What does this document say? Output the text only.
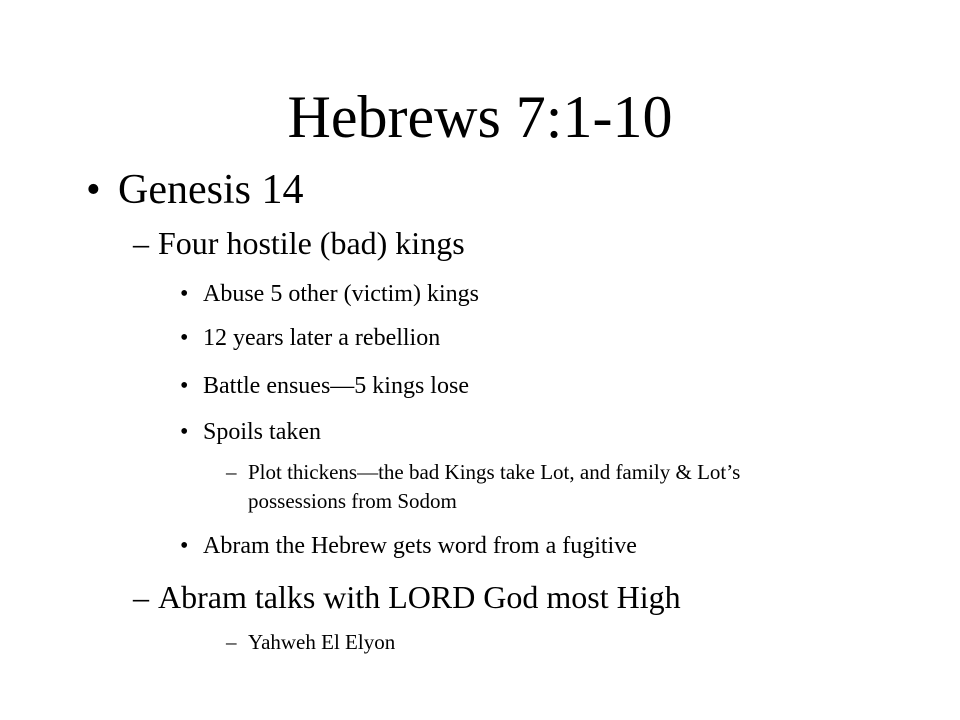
Hebrews 7:1-10
• Genesis 14
– Four hostile (bad) kings
• Abuse 5 other (victim) kings
• 12 years later a rebellion
• Battle ensues—5 kings lose
• Spoils taken
– Plot thickens—the bad Kings take Lot, and family & Lot’s
possessions from Sodom
• Abram the Hebrew gets word from a fugitive
– Abram talks with LORD God most High
– Yahweh El Elyon
